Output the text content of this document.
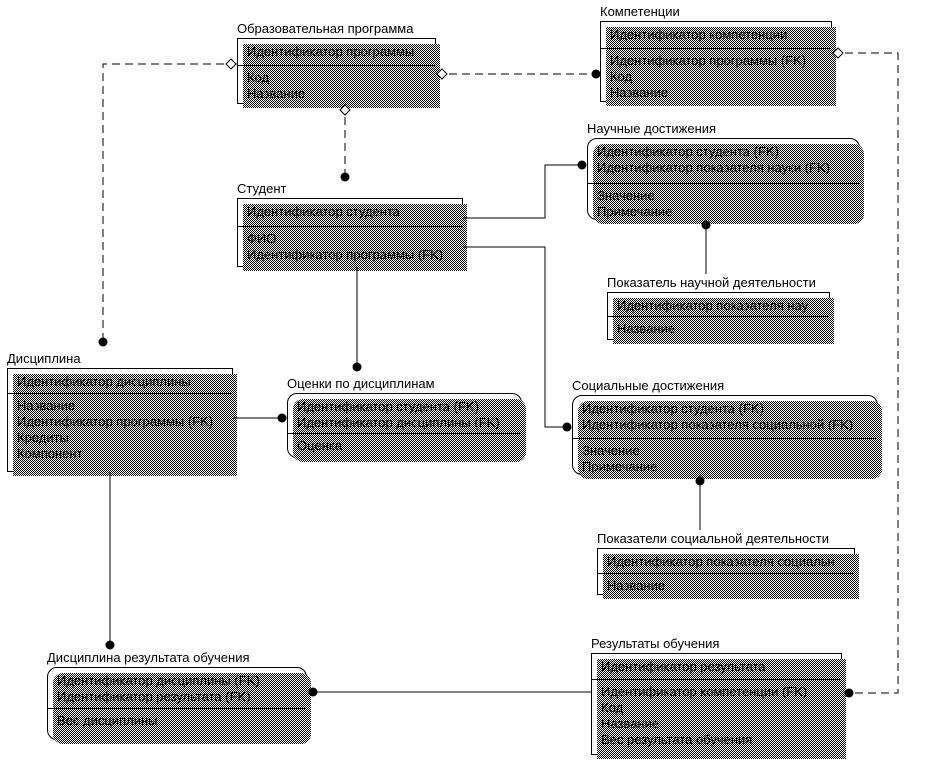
Образовательная программа
Идентификатор программы
Код
Название
Компетенции
Идентификатор компетенции
Идентификатор программы (FK)
Код
Название
Научные достижения
Идентификатор студента (FK)
Идентификатор показателя науки (FK)
Значение
Примечание
Студент
Идентификатор студента
ФИО
Идентификатор программы (FK)
Показатель научной деятельности
Идентификатор показателя нау
Название
Дисциплина
Идентификатор дисциплины
Название
Идентификатор программы (FK)
Кредиты
Компонент
Оценки по дисциплинам
Идентификатор студента (FK)
Идентификатор дисциплины (FK)
Оценка
Социальные достижения
Идентификатор студента (FK)
Идентификатор показателя социальной (FK)
Значение
Примечание
Показатели социальной деятельности
Идентификатор показателя социальн
Название
Дисциплина результата обучения
Идентификатор дисциплины (FK)
Идентификатор результата (FK)
Вес дисциплины
Результаты обучения
Идентификатор результата
Идентификатор компетенции (FK)
Код
Название
Вес результата обучения
